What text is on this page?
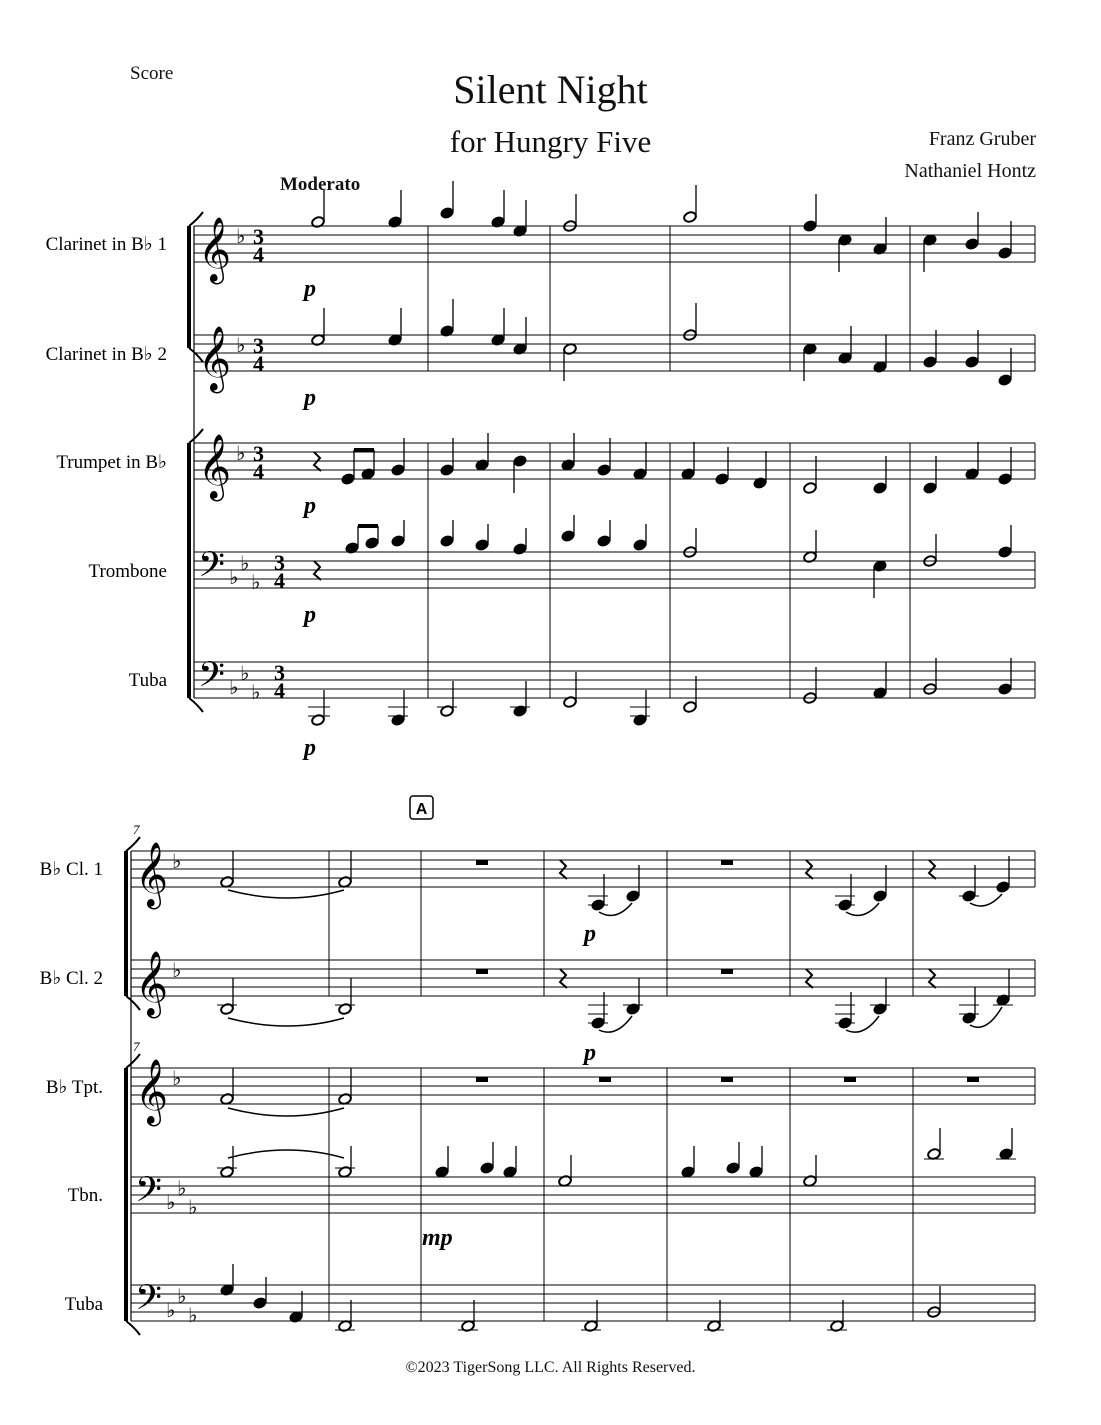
Score	Silent Night
for Hungry Five	Franz Gruber
Nathaniel Hontz
Moderato
Clarinet in B♭ 1
Clarinet in B♭ 2
Trumpet in B♭
Trombone
Tuba
𝄞
𝄞
𝄞
𝄢
𝄢
♭
♭
♭
♭
♭
♭
♭
♭
♭
3
4
3
4
3
4
3
4
3
4
p
p
p
p
p
7
7
A
B♭ Cl. 1
B♭ Cl. 2
B♭ Tpt.
Tbn.
Tuba
𝄞
𝄞
𝄞
𝄢
𝄢
♭
♭
♭
♭
♭
♭
♭
♭
♭
p
p
mp
©2023 TigerSong LLC. All Rights Reserved.
